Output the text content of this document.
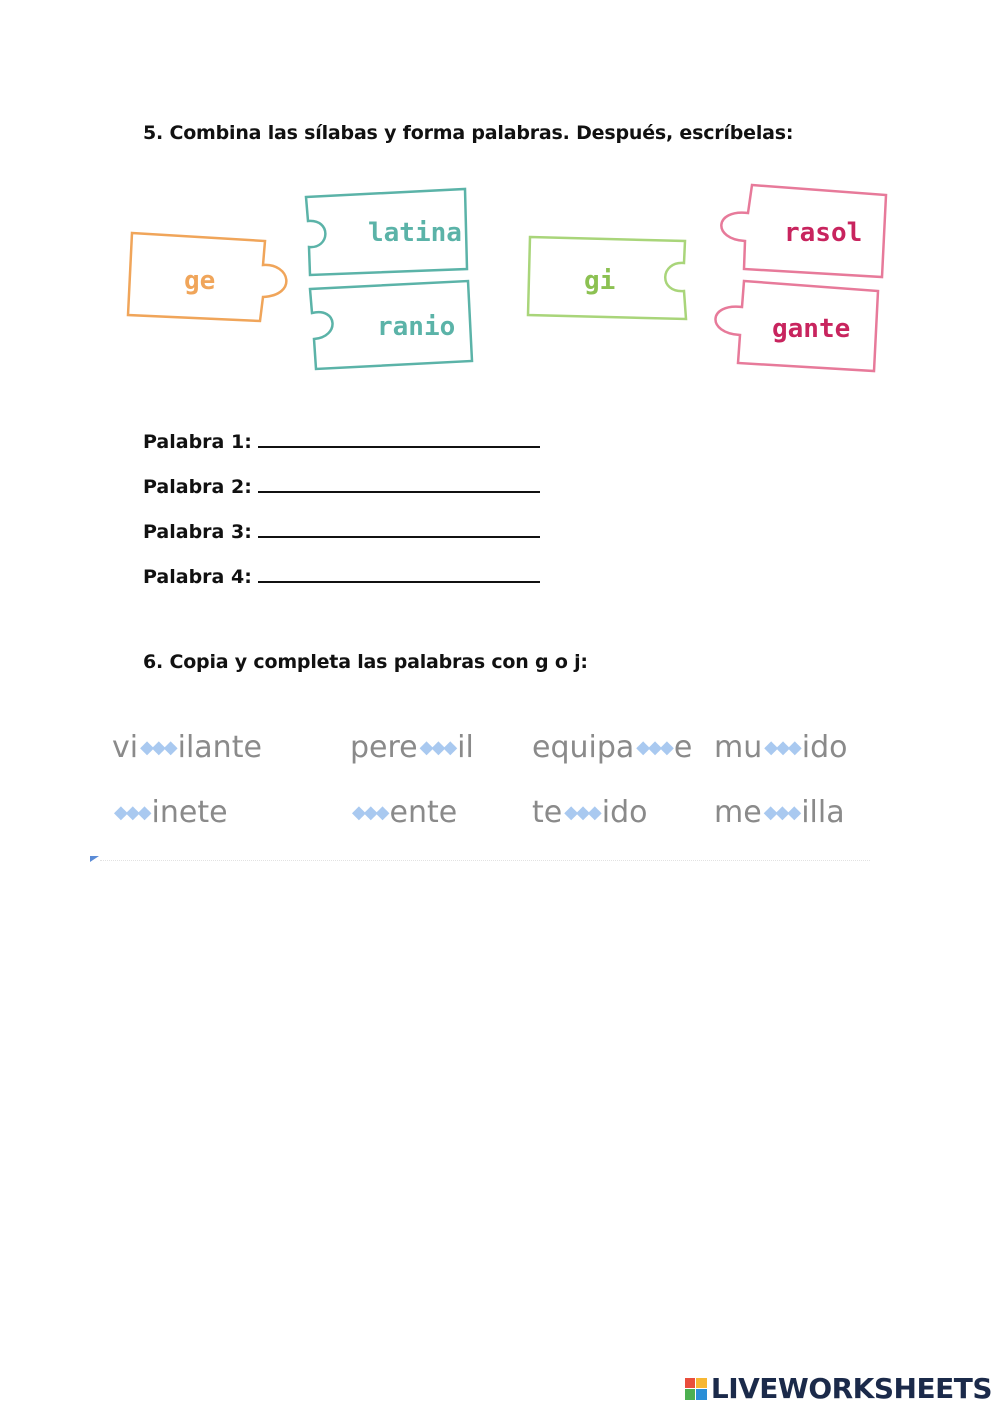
5. Combina las sílabas y forma palabras. Después, escríbelas:
ge
latina
ranio
gi
rasol
gante
Palabra 1:
Palabra 2:
Palabra 3:
Palabra 4:
6. Copia y completa las palabras con g o j:
vi ◆◆◆ilante	pere ◆◆◆il equipa ◆◆◆e mu ◆◆◆ido
◆◆◆inete	◆◆◆ente te ◆◆◆ido me ◆◆◆illa
LIVEWORKSHEETS
